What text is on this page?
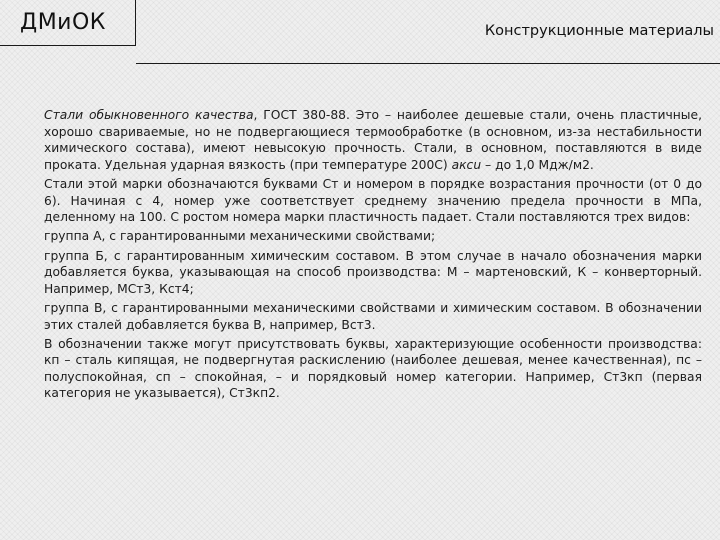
ДМиОК	Конструкционные материалы

Стали обыкновенного качества, ГОСТ 380-88. Это – наиболее дешевые стали, очень пластичные, хорошо свариваемые, но не подвергающиеся термообработке (в основном, из-за нестабильности химического состава), имеют невысокую прочность. Стали, в основном, поставляются в виде проката. Удельная ударная вязкость (при температуре 200С) аксu – до 1,0 Мдж/м2.

Стали этой марки обозначаются буквами Ст и номером в порядке возрастания прочности (от 0 до 6). Начиная с 4, номер уже соответствует среднему значению предела прочности в МПа, деленному на 100. С ростом номера марки пластичность падает. Стали поставляются трех видов:

группа А, с гарантированными механическими свойствами;

группа Б, с гарантированным химическим составом. В этом случае в начало обозначения марки добавляется буква, указывающая на способ производства: М – мартеновский, К – конверторный. Например, МСт3, Кст4;

группа В, с гарантированными механическими свойствами и химическим составом. В обозначении этих сталей добавляется буква В, например, Вст3.

В обозначении также могут присутствовать буквы, характеризующие особенности производства: кп – сталь кипящая, не подвергнутая раскислению (наиболее дешевая, менее качественная), пс – полуспокойная, сп – спокойная, – и порядковый номер категории. Например, Ст3кп (первая категория не указывается), Ст3кп2.
